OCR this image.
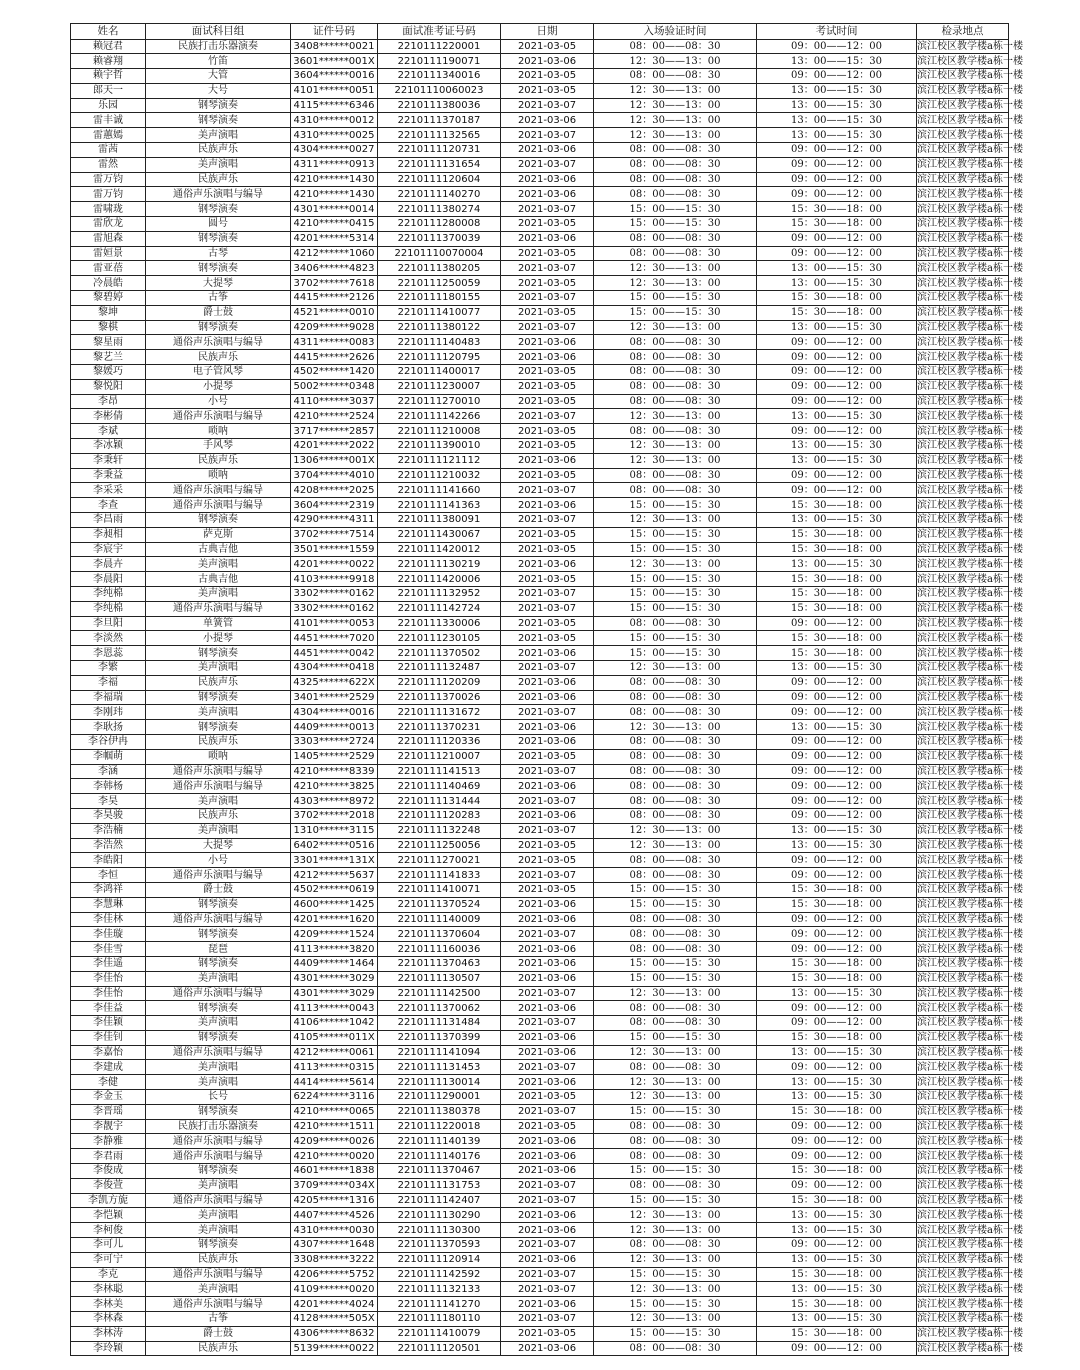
姓名	面试科目组	证件号码	面试准考证号码	日期	入场验证时间	考试时间	检录地点
赖冠君	民族打击乐器演奏	3408******0021	2210111220001	2021-03-05	08：00——08：30	09：00——12：00	滨江校区教学楼a栋一楼
赖睿翔	竹笛	3601******001X	2210111190071	2021-03-06	12：30——13：00	13：00——15：30	滨江校区教学楼a栋一楼
赖宇哲	大管	3604******0016	2210111340016	2021-03-05	08：00——08：30	09：00——12：00	滨江校区教学楼a栋一楼
郎天一	大号	4101******0051	22101110060023	2021-03-05	12：30——13：00	13：00——15：30	滨江校区教学楼a栋一楼
乐园	钢琴演奏	4115******6346	2210111380036	2021-03-07	12：30——13：00	13：00——15：30	滨江校区教学楼a栋一楼
雷丰诚	钢琴演奏	4310******0012	2210111370187	2021-03-06	12：30——13：00	13：00——15：30	滨江校区教学楼a栋一楼
雷蕙嫣	美声演唱	4310******0025	2210111132565	2021-03-07	12：30——13：00	13：00——15：30	滨江校区教学楼a栋一楼
雷茜	民族声乐	4304******0027	2210111120731	2021-03-06	08：00——08：30	09：00——12：00	滨江校区教学楼a栋一楼
雷然	美声演唱	4311******0913	2210111131654	2021-03-07	08：00——08：30	09：00——12：00	滨江校区教学楼a栋一楼
雷万钧	民族声乐	4210******1430	2210111120604	2021-03-06	08：00——08：30	09：00——12：00	滨江校区教学楼a栋一楼
雷万钧	通俗声乐演唱与编导	4210******1430	2210111140270	2021-03-06	08：00——08：30	09：00——12：00	滨江校区教学楼a栋一楼
雷啸珑	钢琴演奏	4301******0014	2210111380274	2021-03-07	15：00——15：30	15：30——18：00	滨江校区教学楼a栋一楼
雷欣龙	圆号	4210******0415	2210111280008	2021-03-05	15：00——15：30	15：30——18：00	滨江校区教学楼a栋一楼
雷旭森	钢琴演奏	4201******5314	2210111370039	2021-03-06	08：00——08：30	09：00——12：00	滨江校区教学楼a栋一楼
雷姮景	古琴	4212******1060	22101110070004	2021-03-05	08：00——08：30	09：00——12：00	滨江校区教学楼a栋一楼
雷亚蓓	钢琴演奏	3406******4823	2210111380205	2021-03-07	12：30——13：00	13：00——15：30	滨江校区教学楼a栋一楼
冷晨皓	大提琴	3702******7618	2210111250059	2021-03-05	12：30——13：00	13：00——15：30	滨江校区教学楼a栋一楼
黎碧婷	古筝	4415******2126	2210111180155	2021-03-07	15：00——15：30	15：30——18：00	滨江校区教学楼a栋一楼
黎坤	爵士鼓	4521******0010	2210111410077	2021-03-05	15：00——15：30	15：30——18：00	滨江校区教学楼a栋一楼
黎棋	钢琴演奏	4209******9028	2210111380122	2021-03-07	12：30——13：00	13：00——15：30	滨江校区教学楼a栋一楼
黎星雨	通俗声乐演唱与编导	4311******0083	2210111140483	2021-03-06	08：00——08：30	09：00——12：00	滨江校区教学楼a栋一楼
黎艺兰	民族声乐	4415******2626	2210111120795	2021-03-06	08：00——08：30	09：00——12：00	滨江校区教学楼a栋一楼
黎媛巧	电子管风琴	4502******1420	2210111400017	2021-03-05	08：00——08：30	09：00——12：00	滨江校区教学楼a栋一楼
黎悦阳	小提琴	5002******0348	2210111230007	2021-03-05	08：00——08：30	09：00——12：00	滨江校区教学楼a栋一楼
李昂	小号	4110******3037	2210111270010	2021-03-05	08：00——08：30	09：00——12：00	滨江校区教学楼a栋一楼
李彬倩	通俗声乐演唱与编导	4210******2524	2210111142266	2021-03-07	12：30——13：00	13：00——15：30	滨江校区教学楼a栋一楼
李斌	唢呐	3717******2857	2210111210008	2021-03-05	08：00——08：30	09：00——12：00	滨江校区教学楼a栋一楼
李冰颖	手风琴	4201******2022	2210111390010	2021-03-05	12：30——13：00	13：00——15：30	滨江校区教学楼a栋一楼
李秉轩	民族声乐	1306******001X	2210111121112	2021-03-06	12：30——13：00	13：00——15：30	滨江校区教学楼a栋一楼
李秉益	唢呐	3704******4010	2210111210032	2021-03-05	08：00——08：30	09：00——12：00	滨江校区教学楼a栋一楼
李采采	通俗声乐演唱与编导	4208******2025	2210111141660	2021-03-07	08：00——08：30	09：00——12：00	滨江校区教学楼a栋一楼
李查	通俗声乐演唱与编导	3604******2319	2210111141363	2021-03-06	15：00——15：30	15：30——18：00	滨江校区教学楼a栋一楼
李昌雨	钢琴演奏	4290******4311	2210111380091	2021-03-07	12：30——13：00	13：00——15：30	滨江校区教学楼a栋一楼
李昶相	萨克斯	3702******7514	2210111430067	2021-03-05	15：00——15：30	15：30——18：00	滨江校区教学楼a栋一楼
李宸宇	古典吉他	3501******1559	2210111420012	2021-03-05	15：00——15：30	15：30——18：00	滨江校区教学楼a栋一楼
李晨卉	美声演唱	4201******0022	2210111130219	2021-03-06	12：30——13：00	13：00——15：30	滨江校区教学楼a栋一楼
李晨阳	古典吉他	4103******9918	2210111420006	2021-03-05	15：00——15：30	15：30——18：00	滨江校区教学楼a栋一楼
李纯棉	美声演唱	3302******0162	2210111132952	2021-03-07	15：00——15：30	15：30——18：00	滨江校区教学楼a栋一楼
李纯棉	通俗声乐演唱与编导	3302******0162	2210111142724	2021-03-07	15：00——15：30	15：30——18：00	滨江校区教学楼a栋一楼
李旦阳	单簧管	4101******0053	2210111330006	2021-03-05	08：00——08：30	09：00——12：00	滨江校区教学楼a栋一楼
李淡然	小提琴	4451******7020	2210111230105	2021-03-05	15：00——15：30	15：30——18：00	滨江校区教学楼a栋一楼
李恩蕊	钢琴演奏	4451******0042	2210111370502	2021-03-06	15：00——15：30	15：30——18：00	滨江校区教学楼a栋一楼
李繁	美声演唱	4304******0418	2210111132487	2021-03-07	12：30——13：00	13：00——15：30	滨江校区教学楼a栋一楼
李福	民族声乐	4325******622X	2210111120209	2021-03-06	08：00——08：30	09：00——12：00	滨江校区教学楼a栋一楼
李福瑞	钢琴演奏	3401******2529	2210111370026	2021-03-06	08：00——08：30	09：00——12：00	滨江校区教学楼a栋一楼
李刚玮	美声演唱	4304******0016	2210111131672	2021-03-07	08：00——08：30	09：00——12：00	滨江校区教学楼a栋一楼
李耿扬	钢琴演奏	4409******0013	2210111370231	2021-03-06	12：30——13：00	13：00——15：30	滨江校区教学楼a栋一楼
李谷伊冉	民族声乐	3303******2724	2210111120336	2021-03-06	08：00——08：30	09：00——12：00	滨江校区教学楼a栋一楼
李帼萌	唢呐	1405******2529	2210111210007	2021-03-05	08：00——08：30	09：00——12：00	滨江校区教学楼a栋一楼
李涵	通俗声乐演唱与编导	4210******8339	2210111141513	2021-03-07	08：00——08：30	09：00——12：00	滨江校区教学楼a栋一楼
李韩杨	通俗声乐演唱与编导	4210******3825	2210111140469	2021-03-06	08：00——08：30	09：00——12：00	滨江校区教学楼a栋一楼
李昊	美声演唱	4303******8972	2210111131444	2021-03-07	08：00——08：30	09：00——12：00	滨江校区教学楼a栋一楼
李昊骏	民族声乐	3702******2018	2210111120283	2021-03-06	08：00——08：30	09：00——12：00	滨江校区教学楼a栋一楼
李浩楠	美声演唱	1310******3115	2210111132248	2021-03-07	12：30——13：00	13：00——15：30	滨江校区教学楼a栋一楼
李浩然	大提琴	6402******0516	2210111250056	2021-03-05	12：30——13：00	13：00——15：30	滨江校区教学楼a栋一楼
李皓阳	小号	3301******131X	2210111270021	2021-03-05	08：00——08：30	09：00——12：00	滨江校区教学楼a栋一楼
李恒	通俗声乐演唱与编导	4212******5637	2210111141833	2021-03-07	08：00——08：30	09：00——12：00	滨江校区教学楼a栋一楼
李鸿祥	爵士鼓	4502******0619	2210111410071	2021-03-05	15：00——15：30	15：30——18：00	滨江校区教学楼a栋一楼
李慧琳	钢琴演奏	4600******1425	2210111370524	2021-03-06	15：00——15：30	15：30——18：00	滨江校区教学楼a栋一楼
李佳林	通俗声乐演唱与编导	4201******1620	2210111140009	2021-03-06	08：00——08：30	09：00——12：00	滨江校区教学楼a栋一楼
李佳璇	钢琴演奏	4209******1524	2210111370604	2021-03-07	08：00——08：30	09：00——12：00	滨江校区教学楼a栋一楼
李佳雪	琵琶	4113******3820	2210111160036	2021-03-06	08：00——08：30	09：00——12：00	滨江校区教学楼a栋一楼
李佳遥	钢琴演奏	4409******1464	2210111370463	2021-03-06	15：00——15：30	15：30——18：00	滨江校区教学楼a栋一楼
李佳怡	美声演唱	4301******3029	2210111130507	2021-03-06	15：00——15：30	15：30——18：00	滨江校区教学楼a栋一楼
李佳怡	通俗声乐演唱与编导	4301******3029	2210111142500	2021-03-07	12：30——13：00	13：00——15：30	滨江校区教学楼a栋一楼
李佳益	钢琴演奏	4113******0043	2210111370062	2021-03-06	08：00——08：30	09：00——12：00	滨江校区教学楼a栋一楼
李佳颖	美声演唱	4106******1042	2210111131484	2021-03-07	08：00——08：30	09：00——12：00	滨江校区教学楼a栋一楼
李佳钊	钢琴演奏	4105******011X	2210111370399	2021-03-06	15：00——15：30	15：30——18：00	滨江校区教学楼a栋一楼
李嘉怡	通俗声乐演唱与编导	4212******0061	2210111141094	2021-03-06	12：30——13：00	13：00——15：30	滨江校区教学楼a栋一楼
李建成	美声演唱	4113******0315	2210111131453	2021-03-07	08：00——08：30	09：00——12：00	滨江校区教学楼a栋一楼
李健	美声演唱	4414******5614	2210111130014	2021-03-06	12：30——13：00	13：00——15：30	滨江校区教学楼a栋一楼
李金玉	长号	6224******3116	2210111290001	2021-03-05	12：30——13：00	13：00——15：30	滨江校区教学楼a栋一楼
李晋瑶	钢琴演奏	4210******0065	2210111380378	2021-03-07	15：00——15：30	15：30——18：00	滨江校区教学楼a栋一楼
李靓宇	民族打击乐器演奏	4210******1511	2210111220018	2021-03-05	08：00——08：30	09：00——12：00	滨江校区教学楼a栋一楼
李静雅	通俗声乐演唱与编导	4209******0026	2210111140139	2021-03-06	08：00——08：30	09：00——12：00	滨江校区教学楼a栋一楼
李君雨	通俗声乐演唱与编导	4210******0020	2210111140176	2021-03-06	08：00——08：30	09：00——12：00	滨江校区教学楼a栋一楼
李俊成	钢琴演奏	4601******1838	2210111370467	2021-03-06	15：00——15：30	15：30——18：00	滨江校区教学楼a栋一楼
李俊萱	美声演唱	3709******034X	2210111131753	2021-03-07	08：00——08：30	09：00——12：00	滨江校区教学楼a栋一楼
李凯方旎	通俗声乐演唱与编导	4205******1316	2210111142407	2021-03-07	15：00——15：30	15：30——18：00	滨江校区教学楼a栋一楼
李恺颖	美声演唱	4407******4526	2210111130290	2021-03-06	12：30——13：00	13：00——15：30	滨江校区教学楼a栋一楼
李柯俊	美声演唱	4310******0030	2210111130300	2021-03-06	12：30——13：00	13：00——15：30	滨江校区教学楼a栋一楼
李可儿	钢琴演奏	4307******1648	2210111370593	2021-03-07	08：00——08：30	09：00——12：00	滨江校区教学楼a栋一楼
李可宁	民族声乐	3308******3222	2210111120914	2021-03-06	12：30——13：00	13：00——15：30	滨江校区教学楼a栋一楼
李克	通俗声乐演唱与编导	4206******5752	2210111142592	2021-03-07	15：00——15：30	15：30——18：00	滨江校区教学楼a栋一楼
李林聪	美声演唱	4109******0020	2210111132133	2021-03-07	12：30——13：00	13：00——15：30	滨江校区教学楼a栋一楼
李林美	通俗声乐演唱与编导	4201******4024	2210111141270	2021-03-06	15：00——15：30	15：30——18：00	滨江校区教学楼a栋一楼
李林森	古筝	4128******505X	2210111180110	2021-03-07	12：30——13：00	13：00——15：30	滨江校区教学楼a栋一楼
李林涛	爵士鼓	4306******8632	2210111410079	2021-03-05	15：00——15：30	15：30——18：00	滨江校区教学楼a栋一楼
李玲颖	民族声乐	5139******0022	2210111120501	2021-03-06	08：00——08：30	09：00——12：00	滨江校区教学楼a栋一楼
